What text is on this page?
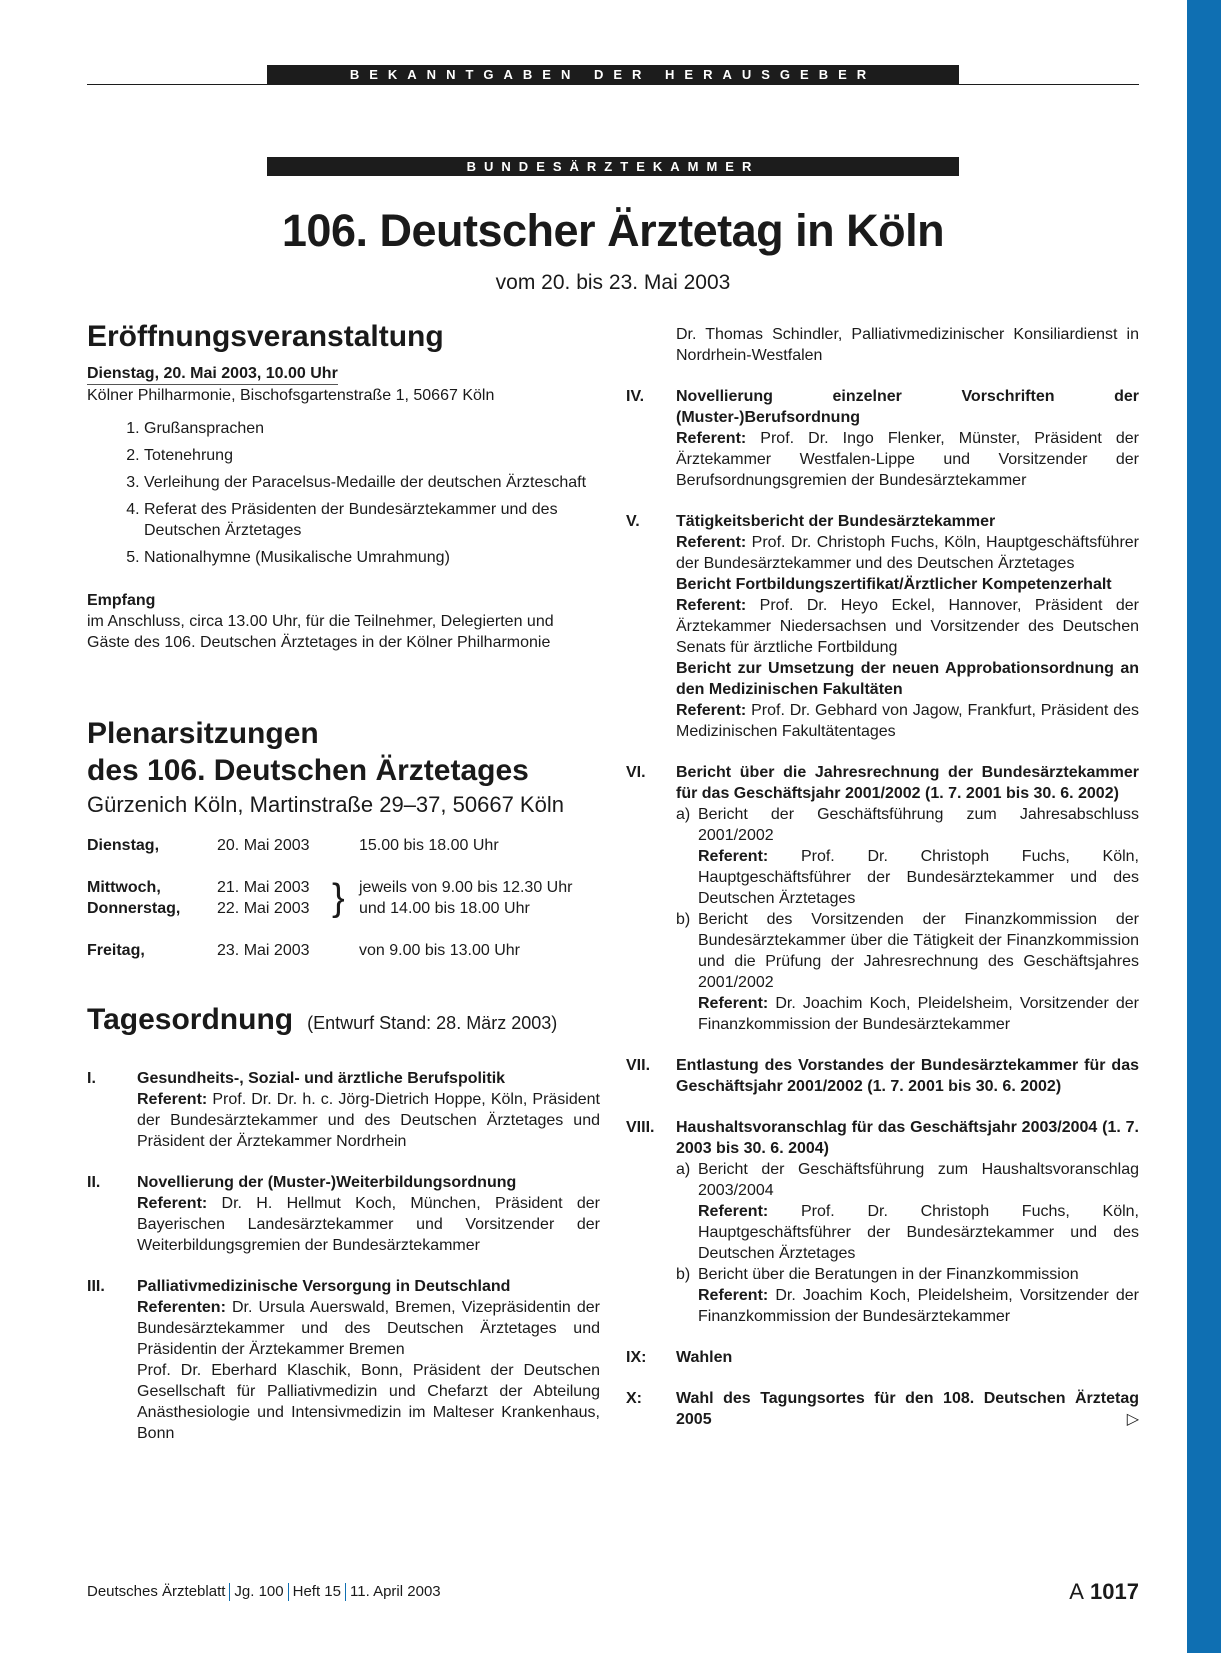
BEKANNTGABEN DER HERAUSGEBER
BUNDESÄRZTEKAMMER
106. Deutscher Ärztetag in Köln
vom 20. bis 23. Mai 2003
Eröffnungsveranstaltung
Dienstag, 20. Mai 2003, 10.00 Uhr

Kölner Philharmonie, Bischofsgartenstraße 1, 50667 Köln

1. Grußansprachen
2. Totenehrung
3. Verleihung der Paracelsus-Medaille der deutschen Ärzteschaft
4. Referat des Präsidenten der Bundesärztekammer und des Deutschen Ärztetages
5. Nationalhymne (Musikalische Umrahmung)

Empfang

im Anschluss, circa 13.00 Uhr, für die Teilnehmer, Delegierten und Gäste des 106. Deutschen Ärztetages in der Kölner Philharmonie

Plenarsitzungen
des 106. Deutschen Ärztetages
Gürzenich Köln, Martinstraße 29–37, 50667 Köln
Dienstag,	20. Mai 2003	15.00 bis 18.00 Uhr
Mittwoch,	21. Mai 2003 } jeweils von 9.00 bis 12.30 Uhr
Donnerstag,	22. Mai 2003	und 14.00 bis 18.00 Uhr
Freitag,	23. Mai 2003	von 9.00 bis 13.00 Uhr
Tagesordnung (Entwurf Stand: 28. März 2003)
I.	Gesundheits-, Sozial- und ärztliche Berufspolitik
Referent: Prof. Dr. Dr. h. c. Jörg-Dietrich Hoppe, Köln, Präsident der Bundesärztekammer und des Deutschen Ärztetages und Präsident der Ärztekammer Nordrhein
II.	Novellierung der (Muster-)Weiterbildungsordnung
Referent: Dr. H. Hellmut Koch, München, Präsident der Bayerischen Landesärztekammer und Vorsitzender der Weiterbildungsgremien der Bundesärztekammer
III.	Palliativmedizinische Versorgung in Deutschland
Referenten: Dr. Ursula Auerswald, Bremen, Vizepräsidentin der Bundesärztekammer und des Deutschen Ärztetages und Präsidentin der Ärztekammer Bremen
Prof. Dr. Eberhard Klaschik, Bonn, Präsident der Deutschen Gesellschaft für Palliativmedizin und Chefarzt der Abteilung Anästhesiologie und Intensivmedizin im Malteser Krankenhaus, Bonn
Dr. Thomas Schindler, Palliativmedizinischer Konsiliardienst in Nordrhein-Westfalen
IV.	Novellierung einzelner Vorschriften der (Muster-)Berufsordnung
Referent: Prof. Dr. Ingo Flenker, Münster, Präsident der Ärztekammer Westfalen-Lippe und Vorsitzender der Berufsordnungsgremien der Bundesärztekammer
V.	Tätigkeitsbericht der Bundesärztekammer
Referent: Prof. Dr. Christoph Fuchs, Köln, Hauptgeschäftsführer der Bundesärztekammer und des Deutschen Ärztetages
Bericht Fortbildungszertifikat/Ärztlicher Kompetenzerhalt
Referent: Prof. Dr. Heyo Eckel, Hannover, Präsident der Ärztekammer Niedersachsen und Vorsitzender des Deutschen Senats für ärztliche Fortbildung
Bericht zur Umsetzung der neuen Approbationsordnung an den Medizinischen Fakultäten
Referent: Prof. Dr. Gebhard von Jagow, Frankfurt, Präsident des Medizinischen Fakultätentages
VI.	Bericht über die Jahresrechnung der Bundesärztekammer für das Geschäftsjahr 2001/2002 (1. 7. 2001 bis 30. 6. 2002)
a) Bericht der Geschäftsführung zum Jahresabschluss 2001/2002
Referent: Prof. Dr. Christoph Fuchs, Köln, Hauptgeschäftsführer der Bundesärztekammer und des Deutschen Ärztetages
b) Bericht des Vorsitzenden der Finanzkommission der Bundesärztekammer über die Tätigkeit der Finanzkommission und die Prüfung der Jahresrechnung des Geschäftsjahres 2001/2002
Referent: Dr. Joachim Koch, Pleidelsheim, Vorsitzender der Finanzkommission der Bundesärztekammer
VII.	Entlastung des Vorstandes der Bundesärztekammer für das Geschäftsjahr 2001/2002 (1. 7. 2001 bis 30. 6. 2002)
VIII.	Haushaltsvoranschlag für das Geschäftsjahr 2003/2004 (1. 7. 2003 bis 30. 6. 2004)
a) Bericht der Geschäftsführung zum Haushaltsvoranschlag 2003/2004
Referent: Prof. Dr. Christoph Fuchs, Köln, Hauptgeschäftsführer der Bundesärztekammer und des Deutschen Ärztetages
b) Bericht über die Beratungen in der Finanzkommission
Referent: Dr. Joachim Koch, Pleidelsheim, Vorsitzender der Finanzkommission der Bundesärztekammer
IX:	Wahlen
X:	Wahl des Tagungsortes für den 108. Deutschen Ärztetag 2005	▷
Deutsches Ärzteblatt Jg. 100 Heft 15 11. April 2003	A 1017
